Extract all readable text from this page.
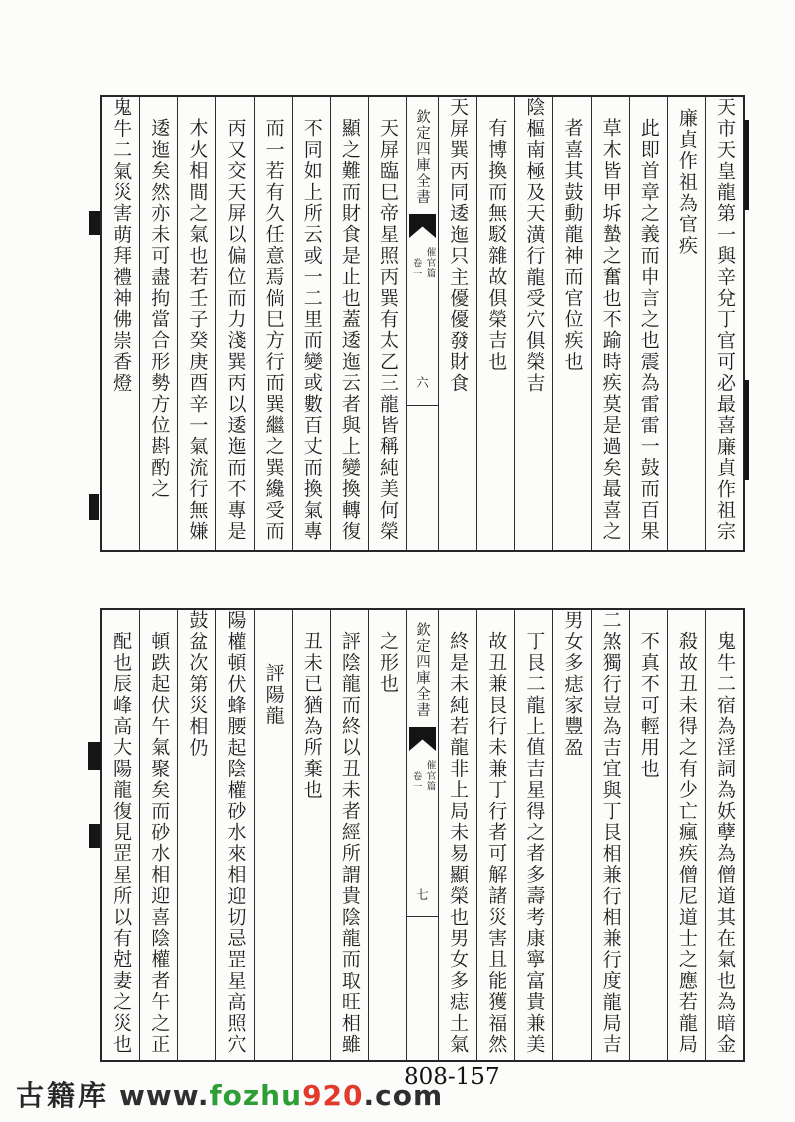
天市天皇龍第一與辛兌丁官可必最喜廉貞作祖宗
廉貞作祖為官疾
此即首章之義而申言之也震為雷雷一鼓而百果
草木皆甲坼蟄之奮也不踰時疾莫是過矣最喜之
者喜其鼓動龍神而官位疾也
陰樞南極及天潢行龍受穴俱榮吉
有博換而無駁雜故俱榮吉也
天屏巽丙同逶迤只主優優發財食
欽定四庫全書
催官篇
卷一
六
天屏臨巳帝星照丙巽有太乙三龍皆稱純美何榮
顯之難而財食是止也蓋逶迤云者與上變換轉復
不同如上所云或一二里而變或數百丈而換氣專
而一若有久任意焉倘巳方行而巽繼之巽纔受而
丙又交天屏以偏位而力淺巽丙以逶迤而不專是
木火相間之氣也若壬子癸庚酉辛一氣流行無嫌
逶迤矣然亦未可盡拘當合形勢方位斟酌之
鬼牛二氣災害萌拜禮神佛崇香燈
鬼牛二宿為淫詞為妖孽為僧道其在氣也為暗金
殺故丑未得之有少亡瘋疾僧尼道士之應若龍局
不真不可輕用也
二煞獨行豈為吉宜與丁艮相兼行相兼行度龍局吉
男女多痣家豐盈
丁艮二龍上值吉星得之者多壽考康寧富貴兼美
故丑兼艮行未兼丁行者可解諸災害且能獲福然
終是未純若龍非上局未易顯榮也男女多痣土氣
欽定四庫全書
催官篇
卷一
七
之形也
評陰龍而終以丑未者經所謂貴陰龍而取旺相雖
丑未已猶為所棄也
評陽龍
陽權頓伏蜂腰起陰權砂水來相迎切忌罡星高照穴
鼓盆次第災相仍
頓跌起伏午氣聚矣而砂水相迎喜陰權者午之正
配也辰峰高大陽龍復見罡星所以有尅妻之災也
808-157
古籍库 www.fozhu920.com
